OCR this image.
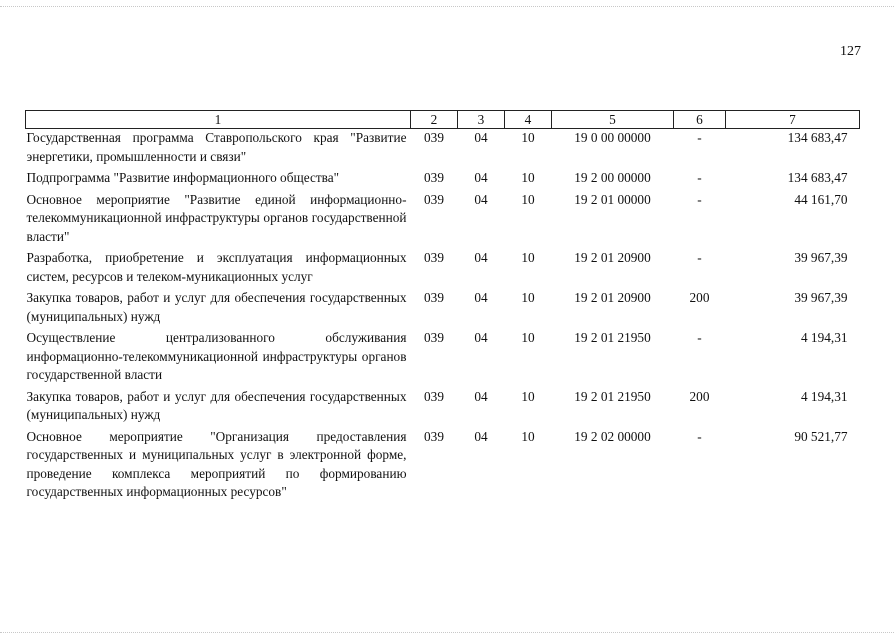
127
1	2	3	4	5	6	7
Государственная программа Ставропольского края "Развитие энергетики, промышленности и связи"	039	04	10	19 0 00 00000	-	134 683,47
Подпрограмма "Развитие информационного общества"	039	04	10	19 2 00 00000	-	134 683,47
Основное мероприятие "Развитие единой информационно-телекоммуникационной инфраструктуры органов государственной власти"	039	04	10	19 2 01 00000	-	44 161,70
Разработка, приобретение и эксплуатация информационных систем, ресурсов и телеком-муникационных услуг	039	04	10	19 2 01 20900	-	39 967,39
Закупка товаров, работ и услуг для обеспечения государственных (муниципальных) нужд	039	04	10	19 2 01 20900	200	39 967,39
Осуществление централизованного обслуживания информационно-телекоммуникационной инфраструктуры органов государственной власти	039	04	10	19 2 01 21950	-	4 194,31
Закупка товаров, работ и услуг для обеспечения государственных (муниципальных) нужд	039	04	10	19 2 01 21950	200	4 194,31
Основное мероприятие "Организация предоставления государственных и муниципальных услуг в электронной форме, проведение комплекса мероприятий по формированию государственных информационных ресурсов"	039	04	10	19 2 02 00000	-	90 521,77
